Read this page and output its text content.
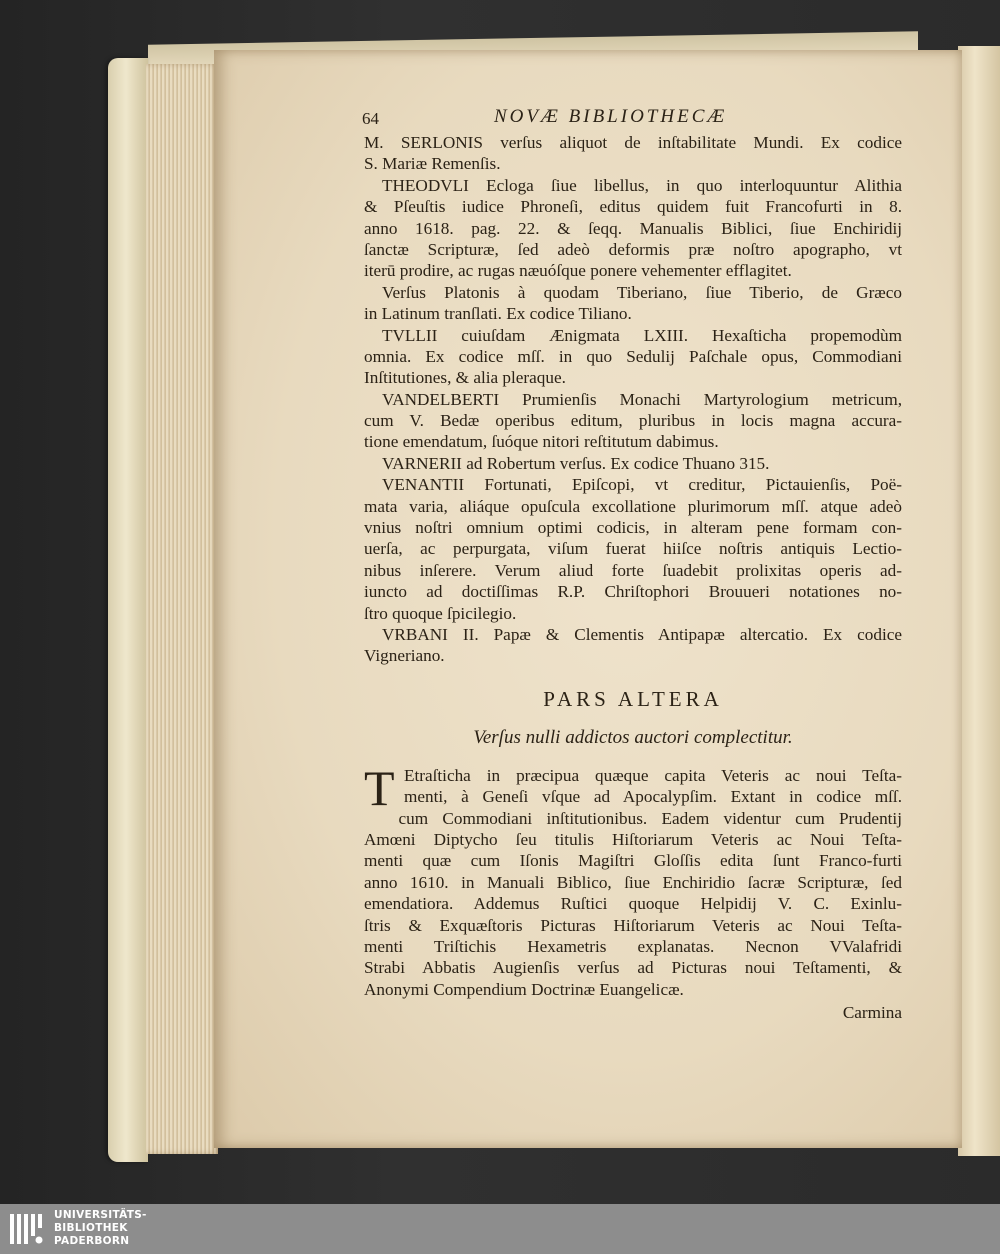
64	NOVÆ BIBLIOTHECÆ
M. SERLONIS verſus aliquot de inſtabilitate Mundi. Ex codice
S. Mariæ Remenſis.
THEODVLI Ecloga ſiue libellus, in quo interloquuntur Alithia
& Pſeuſtis iudice Phroneſi, editus quidem fuit Francofurti in 8.
anno 1618. pag. 22. & ſeqq. Manualis Biblici, ſiue Enchiridij
ſanctæ Scripturæ, ſed adeò deformis præ noſtro apographo, vt
iterū prodire, ac rugas næuóſque ponere vehementer efflagitet.
Verſus Platonis à quodam Tiberiano, ſiue Tiberio, de Græco
in Latinum tranſlati. Ex codice Tiliano.
TVLLII cuiuſdam Ænigmata LXIII. Hexaſticha propemodùm
omnia. Ex codice mſſ. in quo Sedulij Paſchale opus, Commodiani
Inſtitutiones, & alia pleraque.
VANDELBERTI Prumienſis Monachi Martyrologium metricum,
cum V. Bedæ operibus editum, pluribus in locis magna accura-
tione emendatum, ſuóque nitori reſtitutum dabimus.
VARNERII ad Robertum verſus. Ex codice Thuano 315.
VENANTII Fortunati, Epiſcopi, vt creditur, Pictauienſis, Poë-
mata varia, aliáque opuſcula excollatione plurimorum mſſ. atque adeò
vnius noſtri omnium optimi codicis, in alteram pene formam con-
uerſa, ac perpurgata, viſum fuerat hiiſce noſtris antiquis Lectio-
nibus inſerere. Verum aliud forte ſuadebit prolixitas operis ad-
iuncto ad doctiſſimas R.P. Chriſtophori Brouueri notationes no-
ſtro quoque ſpicilegio.
VRBANI II. Papæ & Clementis Antipapæ altercatio. Ex codice
Vigneriano.
PARS ALTERA
Verſus nulli addictos auctori complectitur.
T Etraſticha in præcipua quæque capita Veteris ac noui Teſta-
menti, à Geneſi vſque ad Apocalypſim. Extant in codice mſſ.
cum Commodiani inſtitutionibus. Eadem videntur cum Prudentij
Amœni Diptycho ſeu titulis Hiſtoriarum Veteris ac Noui Teſta-
menti quæ cum Iſonis Magiſtri Gloſſis edita ſunt Franco-furti
anno 1610. in Manuali Biblico, ſiue Enchiridio ſacræ Scripturæ, ſed
emendatiora. Addemus Ruſtici quoque Helpidij V. C. Exinlu-
ſtris & Exquæſtoris Picturas Hiſtoriarum Veteris ac Noui Teſta-
menti Triſtichis Hexametris explanatas. Necnon VValafridi
Strabi Abbatis Augienſis verſus ad Picturas noui Teſtamenti, &
Anonymi Compendium Doctrinæ Euangelicæ.
Carmina
UNIVERSITÄTS-
BIBLIOTHEK
PADERBORN
